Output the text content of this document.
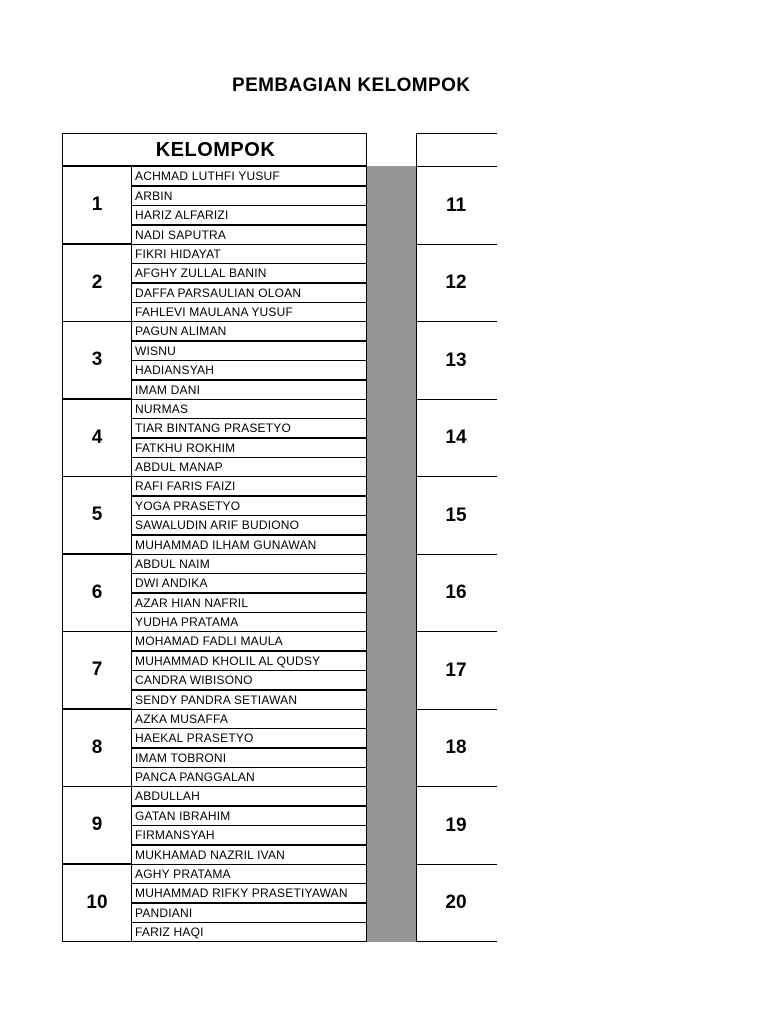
PEMBAGIAN KELOMPOK
KELOMPOK
1
ACHMAD LUTHFI YUSUF
ARBIN
HARIZ ALFARIZI
NADI SAPUTRA
2
FIKRI HIDAYAT
AFGHY ZULLAL BANIN
DAFFA PARSAULIAN OLOAN
FAHLEVI MAULANA YUSUF
3
PAGUN ALIMAN
WISNU
HADIANSYAH
IMAM DANI
4
NURMAS
TIAR BINTANG PRASETYO
FATKHU ROKHIM
ABDUL MANAP
5
RAFI FARIS FAIZI
YOGA PRASETYO
SAWALUDIN ARIF BUDIONO
MUHAMMAD ILHAM GUNAWAN
6
ABDUL NAIM
DWI ANDIKA
AZAR HIAN NAFRIL
YUDHA PRATAMA
7
MOHAMAD FADLI MAULA
MUHAMMAD KHOLIL AL QUDSY
CANDRA WIBISONO
SENDY PANDRA SETIAWAN
8
AZKA MUSAFFA
HAEKAL PRASETYO
IMAM TOBRONI
PANCA PANGGALAN
9
ABDULLAH
GATAN IBRAHIM
FIRMANSYAH
MUKHAMAD NAZRIL IVAN
10
AGHY PRATAMA
MUHAMMAD RIFKY PRASETIYAWAN
PANDIANI
FARIZ HAQI
11
12
13
14
15
16
17
18
19
20
